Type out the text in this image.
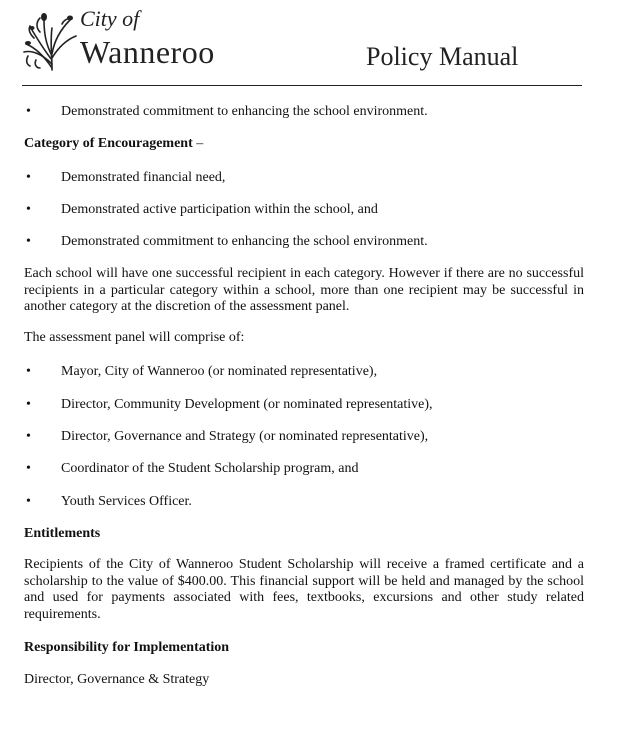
City of
Wanneroo	Policy Manual
• Demonstrated commitment to enhancing the school environment.
Category of Encouragement –
• Demonstrated financial need,
• Demonstrated active participation within the school, and
• Demonstrated commitment to enhancing the school environment.
Each school will have one successful recipient in each category. However if there are no successful recipients in a particular category within a school, more than one recipient may be successful in another category at the discretion of the assessment panel.
The assessment panel will comprise of:
• Mayor, City of Wanneroo (or nominated representative),
• Director, Community Development (or nominated representative),
• Director, Governance and Strategy (or nominated representative),
• Coordinator of the Student Scholarship program, and
• Youth Services Officer.
Entitlements
Recipients of the City of Wanneroo Student Scholarship will receive a framed certificate and a scholarship to the value of $400.00. This financial support will be held and managed by the school and used for payments associated with fees, textbooks, excursions and other study related requirements.
Responsibility for Implementation
Director, Governance & Strategy
